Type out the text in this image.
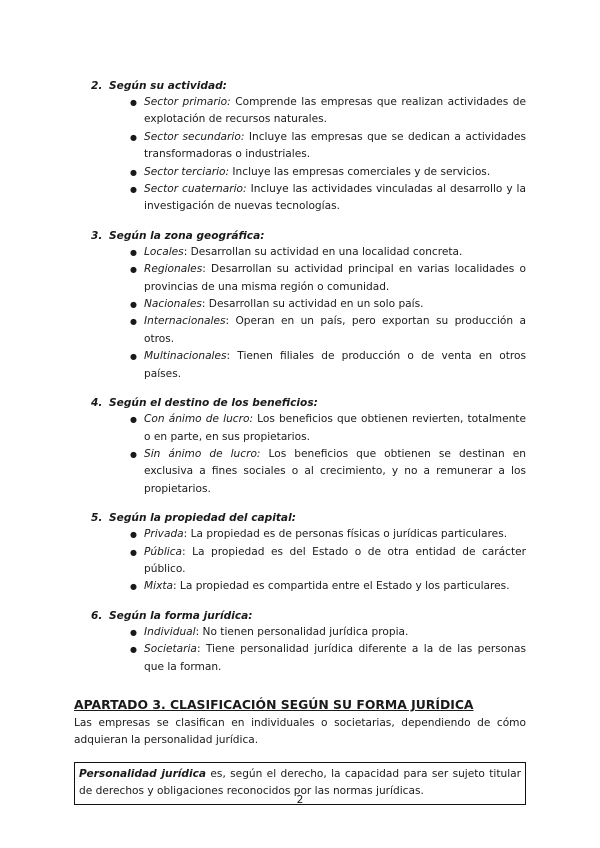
2. Según su actividad:
● Sector primario: Comprende las empresas que realizan actividades de explotación de recursos naturales.
● Sector secundario: Incluye las empresas que se dedican a actividades transformadoras o industriales.
● Sector terciario: Incluye las empresas comerciales y de servicios.
● Sector cuaternario: Incluye las actividades vinculadas al desarrollo y la investigación de nuevas tecnologías.
3. Según la zona geográfica:
● Locales: Desarrollan su actividad en una localidad concreta.
● Regionales: Desarrollan su actividad principal en varias localidades o provincias de una misma región o comunidad.
● Nacionales: Desarrollan su actividad en un solo país.
● Internacionales: Operan en un país, pero exportan su producción a otros.
● Multinacionales: Tienen filiales de producción o de venta en otros países.
4. Según el destino de los beneficios:
● Con ánimo de lucro: Los beneficios que obtienen revierten, totalmente o en parte, en sus propietarios.
● Sin ánimo de lucro: Los beneficios que obtienen se destinan en exclusiva a fines sociales o al crecimiento, y no a remunerar a los propietarios.
5. Según la propiedad del capital:
● Privada: La propiedad es de personas físicas o jurídicas particulares.
● Pública: La propiedad es del Estado o de otra entidad de carácter público.
● Mixta: La propiedad es compartida entre el Estado y los particulares.
6. Según la forma jurídica:
● Individual: No tienen personalidad jurídica propia.
● Societaria: Tiene personalidad jurídica diferente a la de las personas que la forman.
APARTADO 3. CLASIFICACIÓN SEGÚN SU FORMA JURÍDICA
Las empresas se clasifican en individuales o societarias, dependiendo de cómo adquieran la personalidad jurídica.
Personalidad jurídica es, según el derecho, la capacidad para ser sujeto titular de derechos y obligaciones reconocidos por las normas jurídicas.
2
